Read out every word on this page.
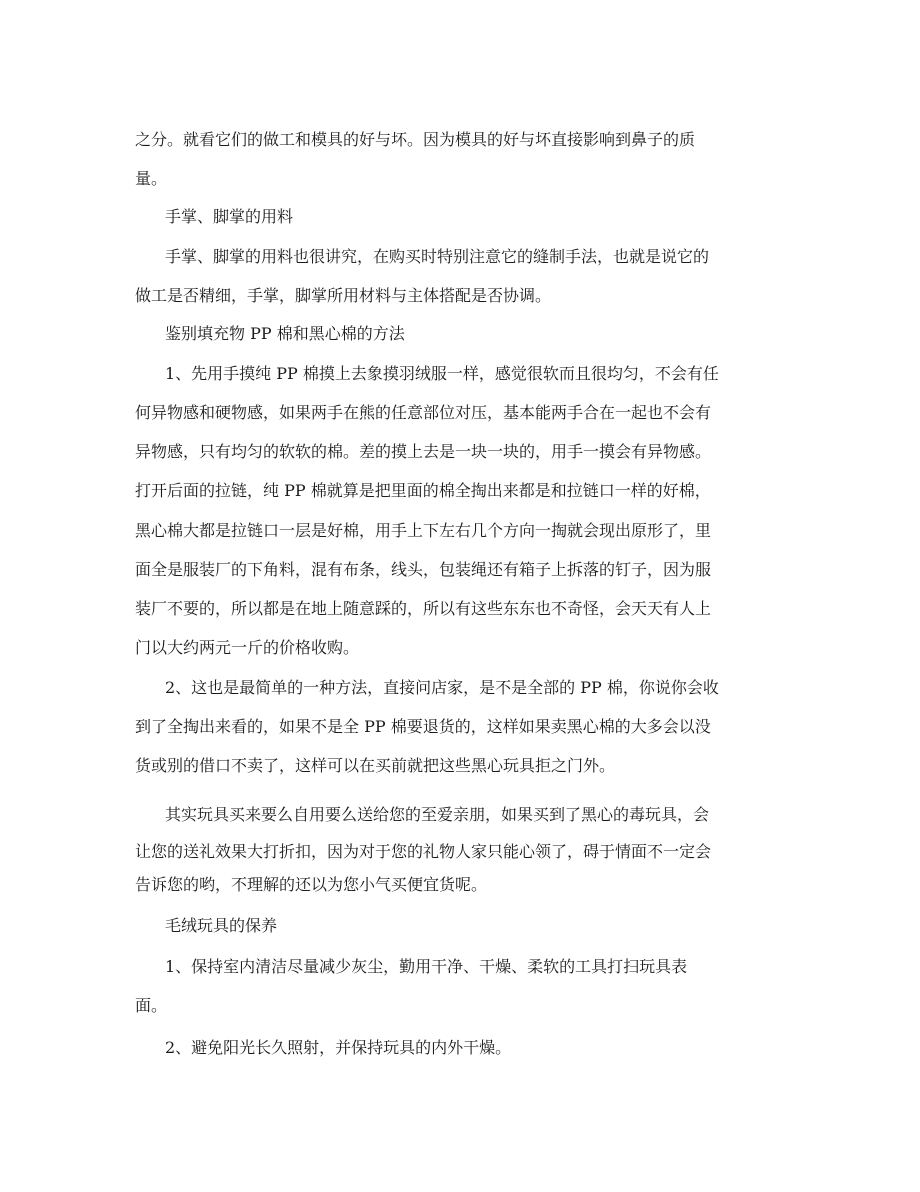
之分。就看它们的做工和模具的好与坏。因为模具的好与坏直接影响到鼻子的质
量。
手掌、脚掌的用料
手掌、脚掌的用料也很讲究，在购买时特别注意它的缝制手法，也就是说它的
做工是否精细，手掌，脚掌所用材料与主体搭配是否协调。
鉴别填充物 PP 棉和黑心棉的方法
1、先用手摸纯 PP 棉摸上去象摸羽绒服一样，感觉很软而且很均匀，不会有任
何异物感和硬物感，如果两手在熊的任意部位对压，基本能两手合在一起也不会有
异物感，只有均匀的软软的棉。差的摸上去是一块一块的，用手一摸会有异物感。
打开后面的拉链，纯 PP 棉就算是把里面的棉全掏出来都是和拉链口一样的好棉，
黑心棉大都是拉链口一层是好棉，用手上下左右几个方向一掏就会现出原形了，里
面全是服装厂的下角料，混有布条，线头，包装绳还有箱子上拆落的钉子，因为服
装厂不要的，所以都是在地上随意踩的，所以有这些东东也不奇怪，会天天有人上
门以大约两元一斤的价格收购。
2、这也是最简单的一种方法，直接问店家，是不是全部的 PP 棉，你说你会收
到了全掏出来看的，如果不是全 PP 棉要退货的，这样如果卖黑心棉的大多会以没
货或别的借口不卖了，这样可以在买前就把这些黑心玩具拒之门外。
其实玩具买来要么自用要么送给您的至爱亲朋，如果买到了黑心的毒玩具，会
让您的送礼效果大打折扣，因为对于您的礼物人家只能心领了，碍于情面不一定会
告诉您的哟，不理解的还以为您小气买便宜货呢。
毛绒玩具的保养
1、保持室内清洁尽量减少灰尘，勤用干净、干燥、柔软的工具打扫玩具表
面。
2、避免阳光长久照射，并保持玩具的内外干燥。
